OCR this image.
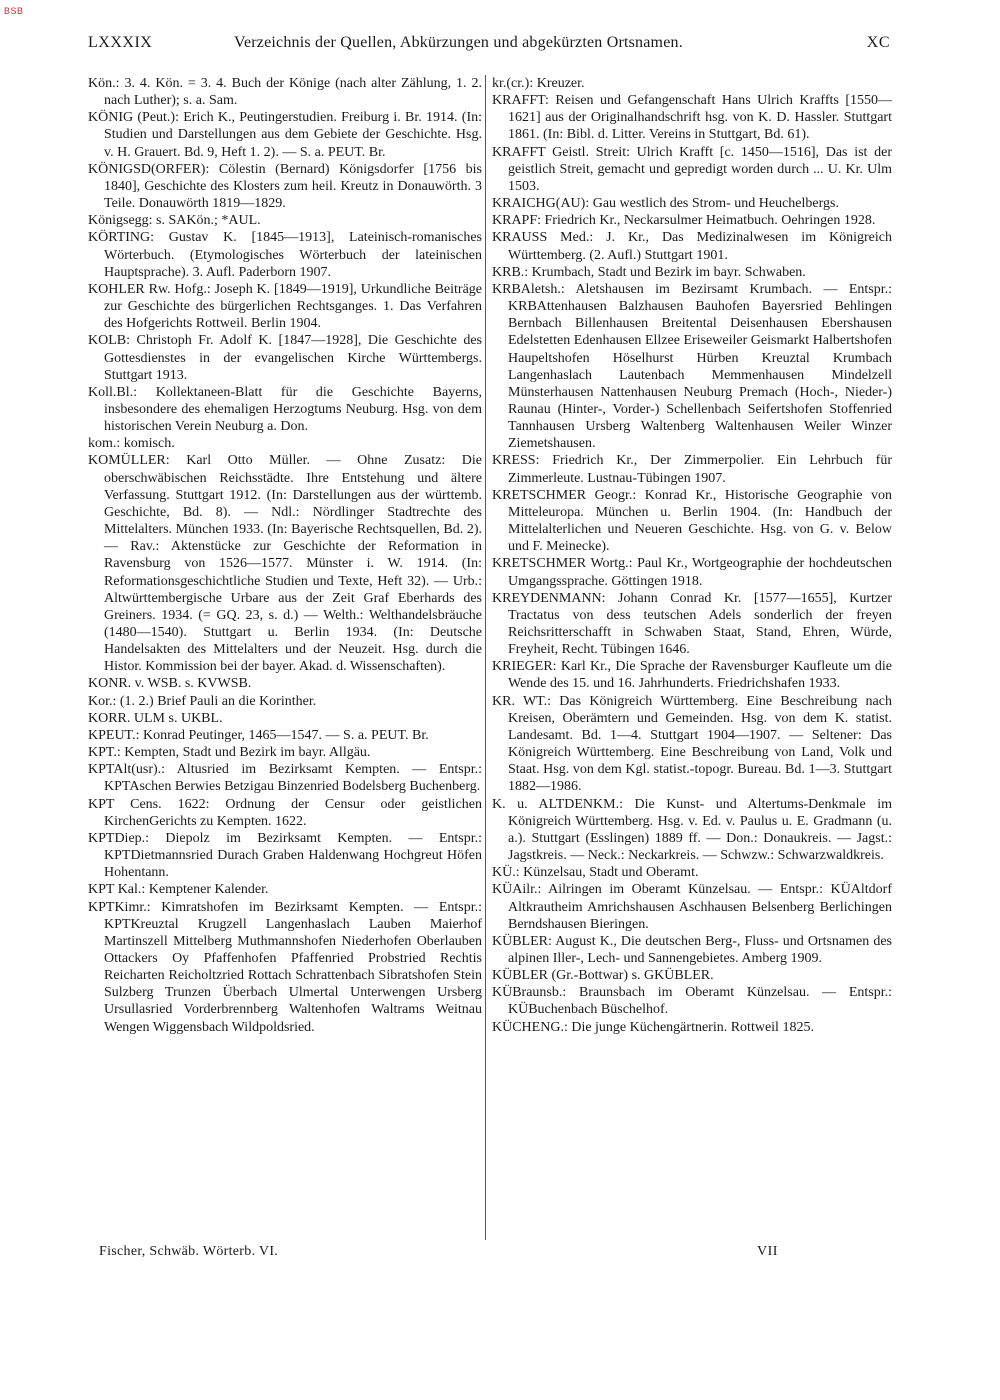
BSB
LXXXIX	Verzeichnis der Quellen, Abkürzungen und abgekürzten Ortsnamen.	XC

Kön.: 3. 4. Kön. = 3. 4. Buch der Könige (nach alter Zählung, 1. 2. nach Luther); s. a. Sam.

KÖNIG (Peut.): Erich K., Peutingerstudien. Freiburg i. Br. 1914. (In: Studien und Darstellungen aus dem Gebiete der Geschichte. Hsg. v. H. Grauert. Bd. 9, Heft 1. 2). — S. a. PEUT. Br.

KÖNIGSD(ORFER): Cölestin (Bernard) Königsdorfer [1756 bis 1840], Geschichte des Klosters zum heil. Kreutz in Donauwörth. 3 Teile. Donauwörth 1819—1829.

Königsegg: s. SAKön.; *AUL.

KÖRTING: Gustav K. [1845—1913], Lateinisch-romanisches Wörterbuch. (Etymologisches Wörterbuch der lateinischen Hauptsprache). 3. Aufl. Paderborn 1907.

KOHLER Rw. Hofg.: Joseph K. [1849—1919], Urkundliche Beiträge zur Geschichte des bürgerlichen Rechtsganges. 1. Das Verfahren des Hofgerichts Rottweil. Berlin 1904.

KOLB: Christoph Fr. Adolf K. [1847—1928], Die Geschichte des Gottesdienstes in der evangelischen Kirche Württembergs. Stuttgart 1913.

Koll.Bl.: Kollektaneen-Blatt für die Geschichte Bayerns, insbesondere des ehemaligen Herzogtums Neuburg. Hsg. von dem historischen Verein Neuburg a. Don.

kom.: komisch.

KOMÜLLER: Karl Otto Müller. — Ohne Zusatz: Die oberschwäbischen Reichsstädte. Ihre Entstehung und ältere Verfassung. Stuttgart 1912. (In: Darstellungen aus der württemb. Geschichte, Bd. 8). — Ndl.: Nördlinger Stadtrechte des Mittelalters. München 1933. (In: Bayerische Rechtsquellen, Bd. 2). — Rav.: Aktenstücke zur Geschichte der Reformation in Ravensburg von 1526—1577. Münster i. W. 1914. (In: Reformationsgeschichtliche Studien und Texte, Heft 32). — Urb.: Altwürttembergische Urbare aus der Zeit Graf Eberhards des Greiners. 1934. (= GQ. 23, s. d.) — Welth.: Welthandelsbräuche (1480—1540). Stuttgart u. Berlin 1934. (In: Deutsche Handelsakten des Mittelalters und der Neuzeit. Hsg. durch die Histor. Kommission bei der bayer. Akad. d. Wissenschaften).

KONR. v. WSB. s. KVWSB.

Kor.: (1. 2.) Brief Pauli an die Korinther.

KORR. ULM s. UKBL.

KPEUT.: Konrad Peutinger, 1465—1547. — S. a. PEUT. Br.

KPT.: Kempten, Stadt und Bezirk im bayr. Allgäu.

KPTAlt(usr).: Altusried im Bezirksamt Kempten. — Entspr.: KPTAschen Berwies Betzigau Binzenried Bodelsberg Buchenberg.

KPT Cens. 1622: Ordnung der Censur oder geistlichen KirchenGerichts zu Kempten. 1622.

KPTDiep.: Diepolz im Bezirksamt Kempten. — Entspr.: KPTDietmannsried Durach Graben Haldenwang Hochgreut Höfen Hohentann.

KPT Kal.: Kemptener Kalender.

KPTKimr.: Kimratshofen im Bezirksamt Kempten. — Entspr.: KPTKreuztal Krugzell Langenhaslach Lauben Maierhof Martinszell Mittelberg Muthmannshofen Niederhofen Oberlauben Ottackers Oy Pfaffenhofen Pfaffenried Probstried Rechtis Reicharten Reicholtzried Rottach Schrattenbach Sibratshofen Stein Sulzberg Trunzen Überbach Ulmertal Unterwengen Ursberg Ursullasried Vorderbrennberg Waltenhofen Waltrams Weitnau Wengen Wiggensbach Wildpoldsried.

kr.(cr.): Kreuzer.

KRAFFT: Reisen und Gefangenschaft Hans Ulrich Kraffts [1550—1621] aus der Originalhandschrift hsg. von K. D. Hassler. Stuttgart 1861. (In: Bibl. d. Litter. Vereins in Stuttgart, Bd. 61).

KRAFFT Geistl. Streit: Ulrich Krafft [c. 1450—1516], Das ist der geistlich Streit, gemacht und gepredigt worden durch ... U. Kr. Ulm 1503.

KRAICHG(AU): Gau westlich des Strom- und Heuchelbergs.

KRAPF: Friedrich Kr., Neckarsulmer Heimatbuch. Oehringen 1928.

KRAUSS Med.: J. Kr., Das Medizinalwesen im Königreich Württemberg. (2. Aufl.) Stuttgart 1901.

KRB.: Krumbach, Stadt und Bezirk im bayr. Schwaben.

KRBAletsh.: Aletshausen im Bezirsamt Krumbach. — Entspr.: KRBAttenhausen Balzhausen Bauhofen Bayersried Behlingen Bernbach Billenhausen Breitental Deisenhausen Ebershausen Edelstetten Edenhausen Ellzee Eriseweiler Geismarkt Halbertshofen Haupeltshofen Höselhurst Hürben Kreuztal Krumbach Langenhaslach Lautenbach Memmenhausen Mindelzell Münsterhausen Nattenhausen Neuburg Premach (Hoch-, Nieder-) Raunau (Hinter-, Vorder-) Schellenbach Seifertshofen Stoffenried Tannhausen Ursberg Waltenberg Waltenhausen Weiler Winzer Ziemetshausen.

KRESS: Friedrich Kr., Der Zimmerpolier. Ein Lehrbuch für Zimmerleute. Lustnau-Tübingen 1907.

KRETSCHMER Geogr.: Konrad Kr., Historische Geographie von Mitteleuropa. München u. Berlin 1904. (In: Handbuch der Mittelalterlichen und Neueren Geschichte. Hsg. von G. v. Below und F. Meinecke).

KRETSCHMER Wortg.: Paul Kr., Wortgeographie der hochdeutschen Umgangssprache. Göttingen 1918.

KREYDENMANN: Johann Conrad Kr. [1577—1655], Kurtzer Tractatus von dess teutschen Adels sonderlich der freyen Reichsritterschafft in Schwaben Staat, Stand, Ehren, Würde, Freyheit, Recht. Tübingen 1646.

KRIEGER: Karl Kr., Die Sprache der Ravensburger Kaufleute um die Wende des 15. und 16. Jahrhunderts. Friedrichshafen 1933.

KR. WT.: Das Königreich Württemberg. Eine Beschreibung nach Kreisen, Oberämtern und Gemeinden. Hsg. von dem K. statist. Landesamt. Bd. 1—4. Stuttgart 1904—1907. — Seltener: Das Königreich Württemberg. Eine Beschreibung von Land, Volk und Staat. Hsg. von dem Kgl. statist.-topogr. Bureau. Bd. 1—3. Stuttgart 1882—1986.

K. u. ALTDENKM.: Die Kunst- und Altertums-Denkmale im Königreich Württemberg. Hsg. v. Ed. v. Paulus u. E. Gradmann (u. a.). Stuttgart (Esslingen) 1889 ff. — Don.: Donaukreis. — Jagst.: Jagstkreis. — Neck.: Neckarkreis. — Schwzw.: Schwarzwaldkreis.

KÜ.: Künzelsau, Stadt und Oberamt.

KÜAilr.: Ailringen im Oberamt Künzelsau. — Entspr.: KÜAltdorf Altkrautheim Amrichshausen Aschhausen Belsenberg Berlichingen Berndshausen Bieringen.

KÜBLER: August K., Die deutschen Berg-, Fluss- und Ortsnamen des alpinen Iller-, Lech- und Sannengebietes. Amberg 1909.

KÜBLER (Gr.-Bottwar) s. GKÜBLER.

KÜBraunsb.: Braunsbach im Oberamt Künzelsau. — Entspr.: KÜBuchenbach Büschelhof.

KÜCHENG.: Die junge Küchengärtnerin. Rottweil 1825.

Fischer, Schwäb. Wörterb. VI.	VII
